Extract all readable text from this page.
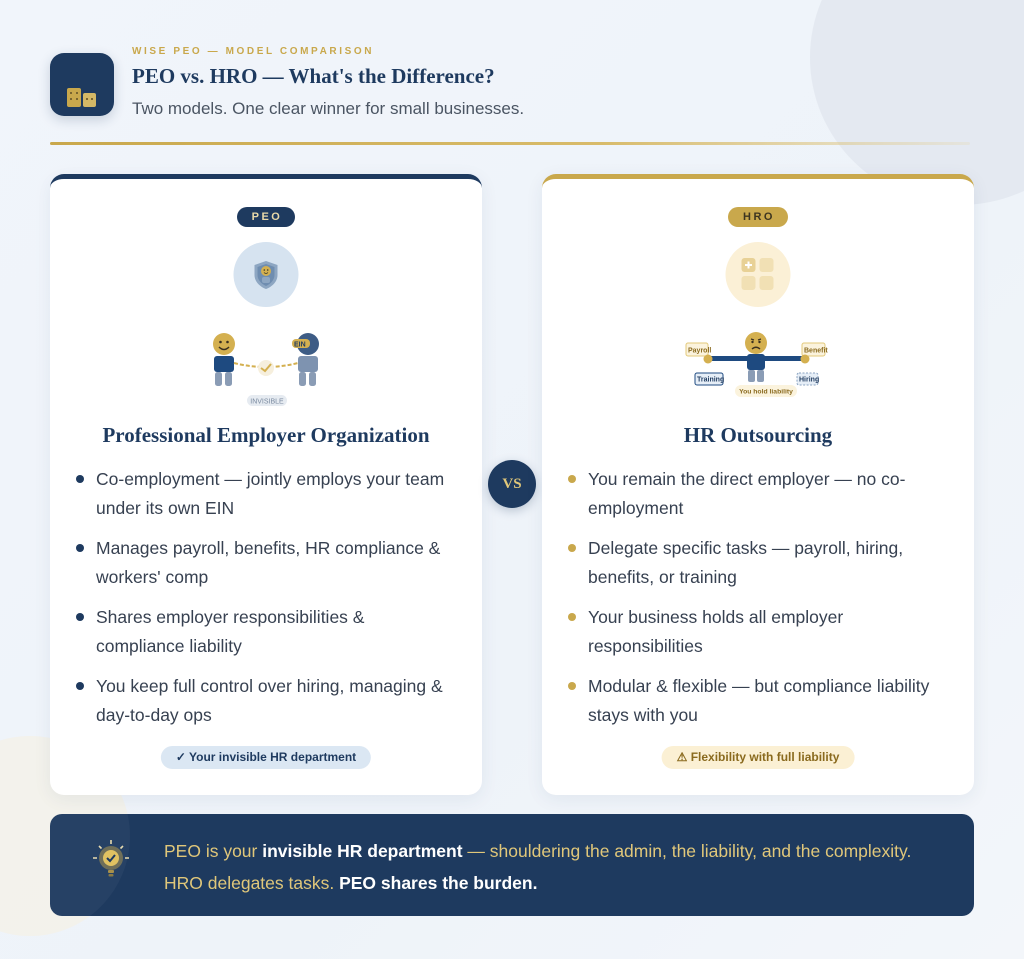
WISE PEO — MODEL COMPARISON
PEO vs. HRO — What's the Difference?
Two models. One clear winner for small businesses.
PEO
EIN
INVISIBLE
Professional Employer Organization
Co-employment — jointly employs your team under its own EIN
Manages payroll, benefits, HR compliance & workers' comp
Shares employer responsibilities & compliance liability
You keep full control over hiring, managing & day-to-day ops
✓ Your invisible HR department
VS
HRO
Payroll	Benefit
Training	Hiring
You hold liability
HR Outsourcing
You remain the direct employer — no co-employment
Delegate specific tasks — payroll, hiring, benefits, or training
Your business holds all employer responsibilities
Modular & flexible — but compliance liability stays with you
⚠ Flexibility with full liability
PEO is your invisible HR department — shouldering the admin, the liability, and the complexity. HRO delegates tasks. PEO shares the burden.
